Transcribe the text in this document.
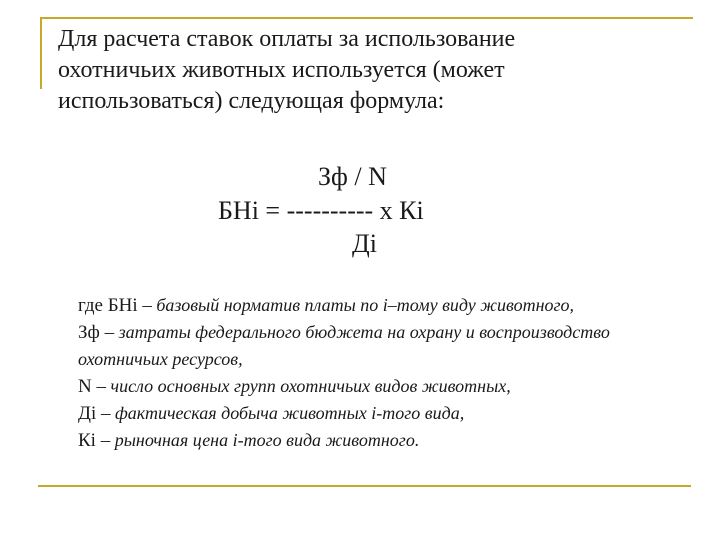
Для расчета ставок оплаты за использование
охотничьих животных используется (может
использоваться) следующая формула:

Зф / N

БНi = ---------- х Кi

Дi

где БНi – базовый норматив платы по i–тому виду животного,
Зф – затраты федерального бюджета на охрану и воспроизводство
охотничьих ресурсов,
N – число основных групп охотничьих видов животных,
Дi – фактическая добыча животных i-того вида,
Кi – рыночная цена i-того вида животного.
